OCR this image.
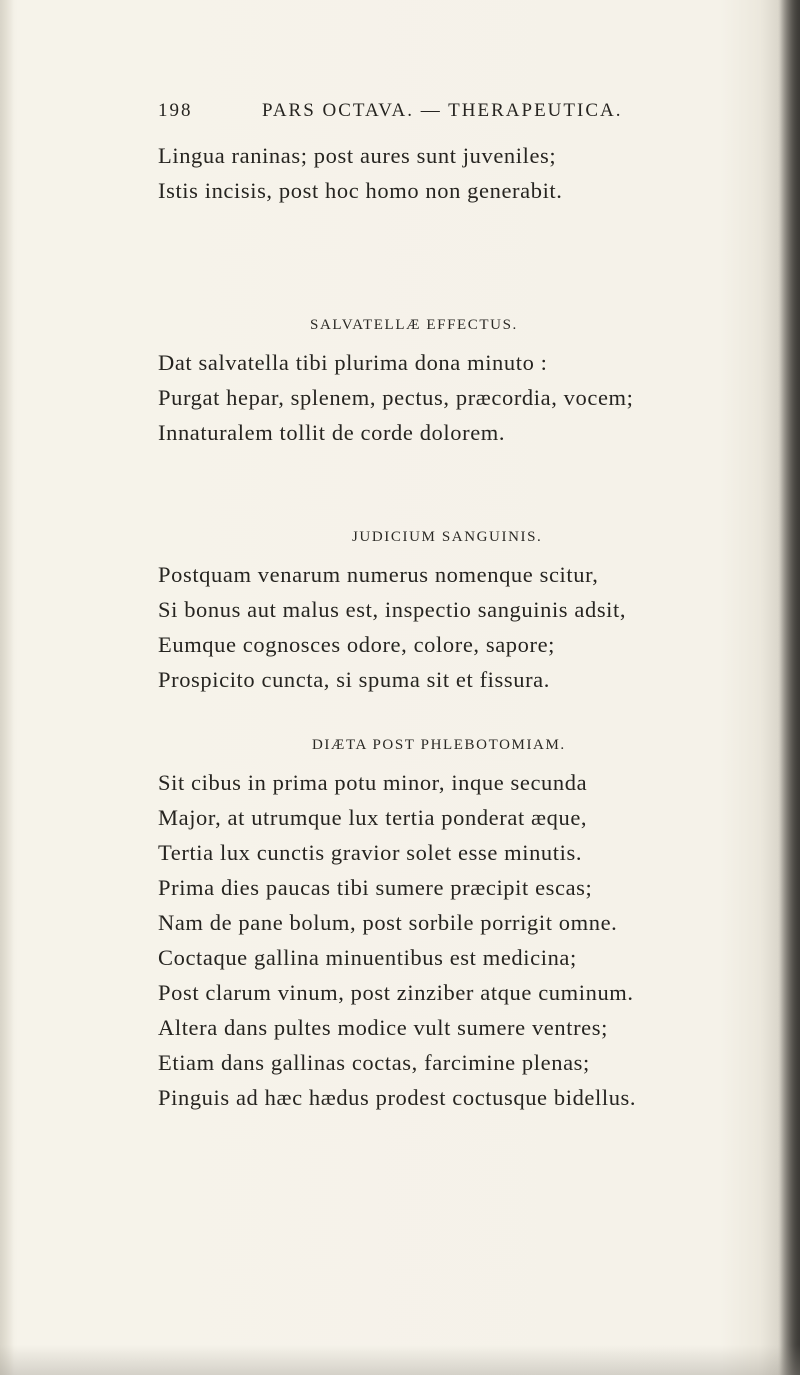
198	PARS OCTAVA. — THERAPEUTICA.
Lingua raninas; post aures sunt juveniles;
Istis incisis, post hoc homo non generabit.
SALVATELLÆ EFFECTUS.
Dat salvatella tibi plurima dona minuto :
Purgat hepar, splenem, pectus, præcordia, vocem;
Innaturalem tollit de corde dolorem.
JUDICIUM SANGUINIS.
Postquam venarum numerus nomenque scitur,
Si bonus aut malus est, inspectio sanguinis adsit,
Eumque cognosces odore, colore, sapore;
Prospicito cuncta, si spuma sit et fissura.
DIÆTA POST PHLEBOTOMIAM.
Sit cibus in prima potu minor, inque secunda
Major, at utrumque lux tertia ponderat æque,
Tertia lux cunctis gravior solet esse minutis.
Prima dies paucas tibi sumere præcipit escas;
Nam de pane bolum, post sorbile porrigit omne.
Coctaque gallina minuentibus est medicina;
Post clarum vinum, post zinziber atque cuminum.
Altera dans pultes modice vult sumere ventres;
Etiam dans gallinas coctas, farcimine plenas;
Pinguis ad hæc hædus prodest coctusque bidellus.
